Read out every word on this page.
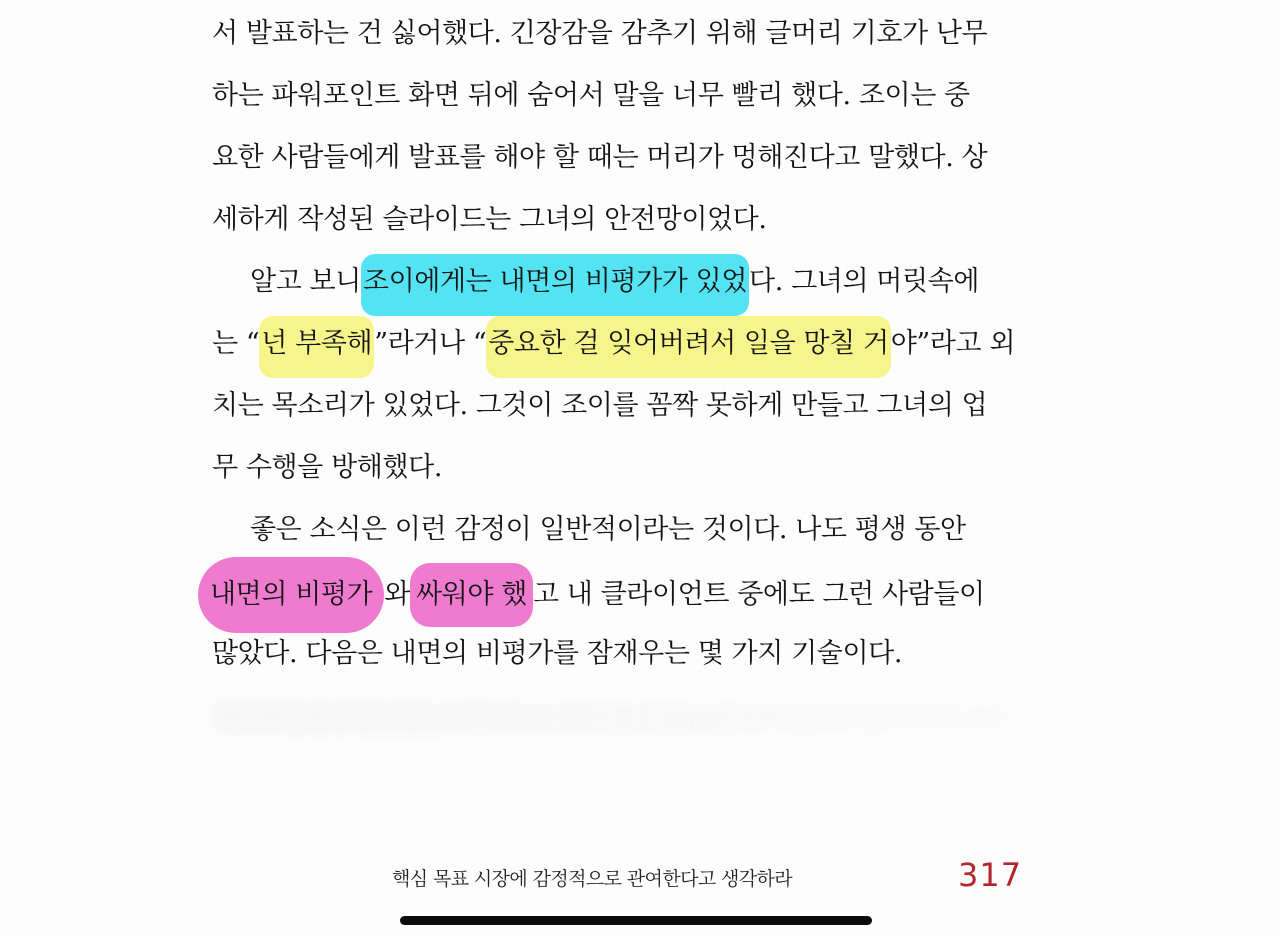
서 발표하는 건 싫어했다. 긴장감을 감추기 위해 글머리 기호가 난무
하는 파워포인트 화면 뒤에 숨어서 말을 너무 빨리 했다. 조이는 중
요한 사람들에게 발표를 해야 할 때는 머리가 멍해진다고 말했다. 상
세하게 작성된 슬라이드는 그녀의 안전망이었다.
알고 보니 조이에게는 내면의 비평가가 있었 다. 그녀의 머릿속에
는 “ 넌 부족해 ”라거나 “ 중요한 걸 잊어버려서 일을 망칠 거 야”라고 외
치는 목소리가 있었다. 그것이 조이를 꼼짝 못하게 만들고 그녀의 업
무 수행을 방해했다.
좋은 소식은 이런 감정이 일반적이라는 것이다. 나도 평생 동안
내면의 비평가 와 싸워야 했 고 내 클라이언트 중에도 그런 사람들이
많았다. 다음은 내면의 비평가를 잠재우는 몇 가지 기술이다.
핵심 목표 시장에 감정적으로 관여한다고 생각하라	317
